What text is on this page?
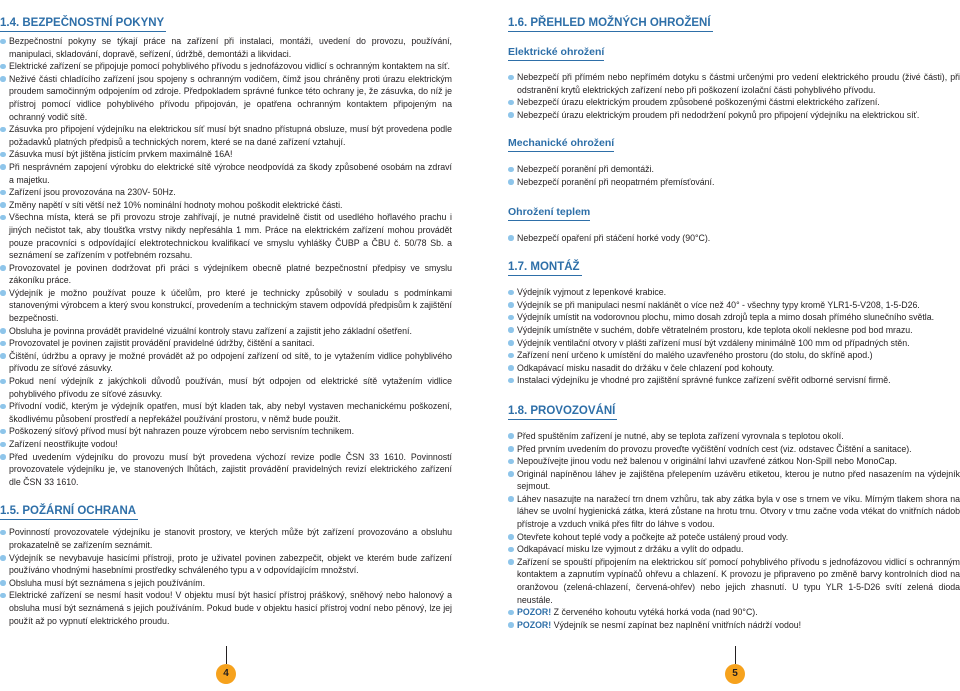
1.4. BEZPEČNOSTNÍ POKYNY
Bezpečnostní pokyny se týkají práce na zařízení při instalaci, montáži, uvedení do provozu, používání, manipulaci, skladování, dopravě, seřízení, údržbě, demontáži a likvidaci.
Elektrické zařízení se připojuje pomocí pohyblivého přívodu s jednofázovou vidlicí s ochranným kontaktem na síť.
Neživé části chladícího zařízení jsou spojeny s ochranným vodičem, čímž jsou chráněny proti úrazu elektrickým proudem samočinným odpojením od zdroje. Předpokladem správné funkce této ochrany je, že zásuvka, do níž je přístroj pomocí vidlice pohyblivého přívodu připojován, je opatřena ochranným kontaktem připojeným na ochranný vodič sítě.
Zásuvka pro připojení výdejníku na elektrickou síť musí být snadno přístupná obsluze, musí být provedena podle požadavků platných předpisů a technických norem, které se na dané zařízení vztahují.
Zásuvka musí být jištěna jistícím prvkem maximálně 16A!
Při nesprávném zapojení výrobku do elektrické sítě výrobce neodpovídá za škody způsobené osobám na zdraví a majetku.
Zařízení jsou provozována na 230V- 50Hz.
Změny napětí v síti větší než 10% nominální hodnoty mohou poškodit elektrické části.
Všechna místa, která se při provozu stroje zahřívají, je nutné pravidelně čistit od usedlého hořlavého prachu i jiných nečistot tak, aby tloušťka vrstvy nikdy nepřesáhla 1 mm. Práce na elektrickém zařízení mohou provádět pouze pracovníci s odpovídající elektrotechnickou kvalifikací ve smyslu vyhlášky ČUBP a ČBU č. 50/78 Sb. a seznámení se zařízením v potřebném rozsahu.
Provozovatel je povinen dodržovat při práci s výdejníkem obecně platné bezpečnostní předpisy ve smyslu zákoníku práce.
Výdejník je možno používat pouze k účelům, pro které je technicky způsobilý v souladu s podmínkami stanovenými výrobcem a který svou konstrukcí, provedením a technickým stavem odpovídá předpisům k zajištění bezpečnosti.
Obsluha je povinna provádět pravidelné vizuální kontroly stavu zařízení a zajistit jeho základní ošetření.
Provozovatel je povinen zajistit provádění pravidelné údržby, čištění a sanitaci.
Čištění, údržbu a opravy je možné provádět až po odpojení zařízení od sítě, to je vytažením vidlice pohyblivého přívodu ze síťové zásuvky.
Pokud není výdejník z jakýchkoli důvodů používán, musí být odpojen od elektrické sítě vytažením vidlice pohyblivého přívodu ze síťové zásuvky.
Přívodní vodič, kterým je výdejník opatřen, musí být kladen tak, aby nebyl vystaven mechanickému poškození, škodlivému působení prostředí a nepřekážel používání prostoru, v němž bude použit.
Poškozený síťový přívod musí být nahrazen pouze výrobcem nebo servisním technikem.
Zařízení neostřikujte vodou!
Před uvedením výdejníku do provozu musí být provedena výchozí revize podle ČSN 33 1610. Povinností provozovatele výdejníku je, ve stanovených lhůtách, zajistit provádění pravidelných revizí elektrického zařízení dle ČSN 33 1610.
1.5. POŽÁRNÍ OCHRANA
Povinností provozovatele výdejníku je stanovit prostory, ve kterých může být zařízení provozováno a obsluhu prokazatelně se zařízením seznámit.
Výdejník se nevybavuje hasicími přístroji, proto je uživatel povinen zabezpečit, objekt ve kterém bude zařízení používáno vhodnými hasebními prostředky schváleného typu a v odpovídajícím množství.
Obsluha musí být seznámena s jejich používáním.
Elektrické zařízení se nesmí hasit vodou! V objektu musí být hasicí přístroj práškový, sněhový nebo halonový a obsluha musí být seznámená s jejich používáním. Pokud bude v objektu hasicí přístroj vodní nebo pěnový, lze jej použít až po vypnutí elektrického proudu.
1.6. PŘEHLED MOŽNÝCH OHROŽENÍ
Elektrické ohrožení
Nebezpečí při přímém nebo nepřímém dotyku s částmi určenými pro vedení elektrického proudu (živé části), při odstranění krytů elektrických zařízení nebo při poškození izolační části pohyblivého přívodu.
Nebezpečí úrazu elektrickým proudem způsobené poškozenými částmi elektrického zařízení.
Nebezpečí úrazu elektrickým proudem při nedodržení pokynů pro připojení výdejníku na elektrickou síť.
Mechanické ohrožení
Nebezpečí poranění při demontáži.
Nebezpečí poranění při neopatrném přemísťování.
Ohrožení teplem
Nebezpečí opaření při stáčení horké vody (90°C).
1.7. MONTÁŽ
Výdejník vyjmout z lepenkové krabice.
Výdejník se při manipulaci nesmí naklánět o více než 40° - všechny typy kromě YLR1-5-V208, 1-5-D26.
Výdejník umístit na vodorovnou plochu, mimo dosah zdrojů tepla a mimo dosah přímého slunečního světla.
Výdejník umístněte v suchém, dobře větratelném prostoru, kde teplota okolí neklesne pod bod mrazu.
Výdejník ventilační otvory v plášti zařízení musí být vzdáleny minimálně 100 mm od případných stěn.
Zařízení není určeno k umístění do malého uzavřeného prostoru (do stolu, do skříně apod.)
Odkapávací misku nasadit do držáku v čele chlazení pod kohouty.
Instalaci výdejníku je vhodné pro zajištění správné funkce zařízení svěřit odborné servisní firmě.
1.8. PROVOZOVÁNÍ
Před spuštěním zařízení je nutné, aby se teplota zařízení vyrovnala s teplotou okolí.
Před prvním uvedením do provozu proveďte vyčištění vodních cest (viz. odstavec Čištění a sanitace).
Nepoužívejte jinou vodu než balenou v originální lahvi uzavřené zátkou Non-Spill nebo MonoCap.
Originál napíněnou láhev je zajištěna přelepením uzávěru etiketou, kterou je nutno před nasazením na výdejník sejmout.
Láhev nasazujte na naražecí trn dnem vzhůru, tak aby zátka byla v ose s trnem ve víku. Mírným tlakem shora na láhev se uvolní hygienická zátka, která zůstane na hrotu trnu. Otvory v trnu začne voda vtékat do vnitřních nádob přístroje a vzduch vniká přes filtr do láhve s vodou.
Otevřete kohout teplé vody a počkejte až poteče ustálený proud vody.
Odkapávací misku lze vyjmout z držáku a vylít do odpadu.
Zařízení se spouští připojením na elektrickou síť pomocí pohyblivého přívodu s jednofázovou vidlicí s ochranným kontaktem a zapnutím vypínačů ohřevu a chlazení. K provozu je připraveno po změně barvy kontrolních diod na oranžovou (zelená-chlazení, červená-ohřev) nebo jejich zhasnutí. U typu YLR 1-5-D26 svítí zelená dioda neustále.
POZOR! Z červeného kohoutu vytéká horká voda (nad 90°C).
POZOR! Výdejník se nesmí zapínat bez naplnění vnitřních nádrží vodou!
4	5
